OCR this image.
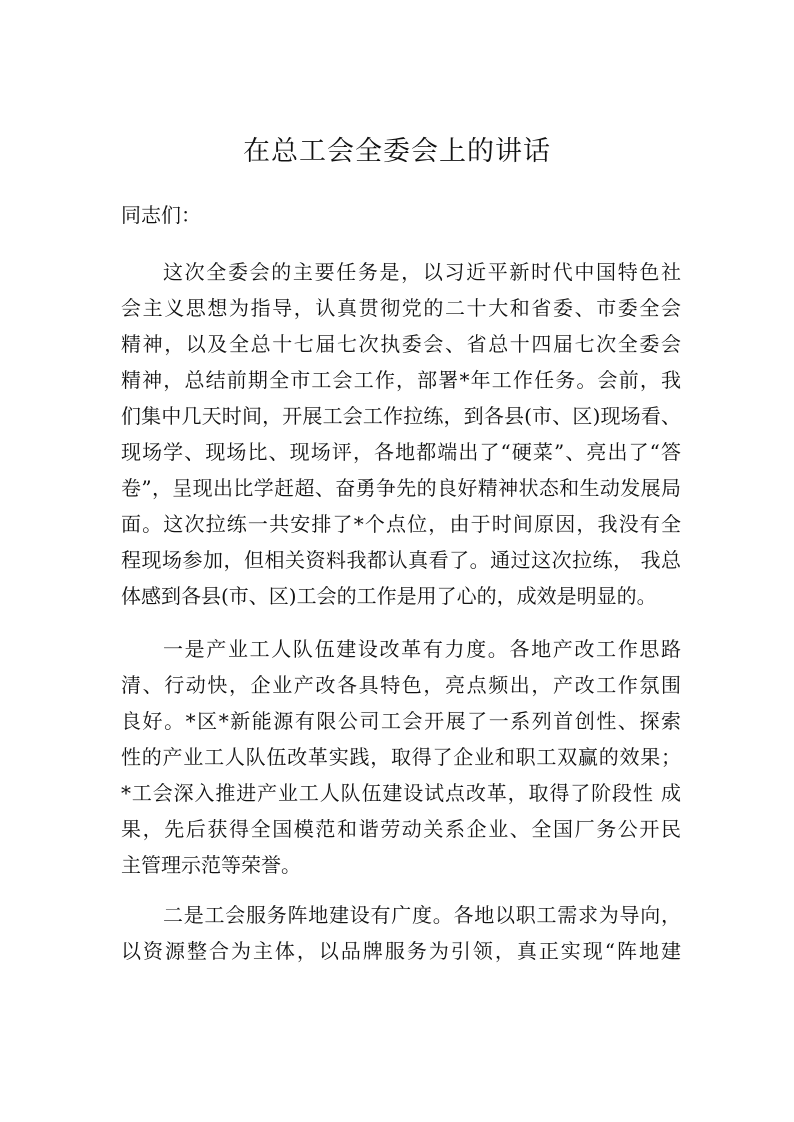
在总工会全委会上的讲话
同志们：
这次全委会的主要任务是，以习近平新时代中国特色社
会主义思想为指导，认真贯彻党的二十大和省委、市委全会
精神，以及全总十七届七次执委会、省总十四届七次全委会
精神，总结前期全市工会工作，部署*年工作任务。会前，我
们集中几天时间，开展工会工作拉练，到各县(市、区)现场看、
现场学、现场比、现场评，各地都端出了“硬菜”、亮出了“答
卷”，呈现出比学赶超、奋勇争先的良好精神状态和生动发展局
面。这次拉练一共安排了*个点位，由于时间原因，我没有全
程现场参加，但相关资料我都认真看了。通过这次拉练， 我总
体感到各县(市、区)工会的工作是用了心的，成效是明显的。
一是产业工人队伍建设改革有力度。各地产改工作思路
清、行动快，企业产改各具特色，亮点频出，产改工作氛围
良好。*区*新能源有限公司工会开展了一系列首创性、探索
性的产业工人队伍改革实践，取得了企业和职工双赢的效果；
*工会深入推进产业工人队伍建设试点改革，取得了阶段性 成
果，先后获得全国模范和谐劳动关系企业、全国厂务公开民
主管理示范等荣誉。
二是工会服务阵地建设有广度。各地以职工需求为导向，
以资源整合为主体，以品牌服务为引领，真正实现“阵地建
